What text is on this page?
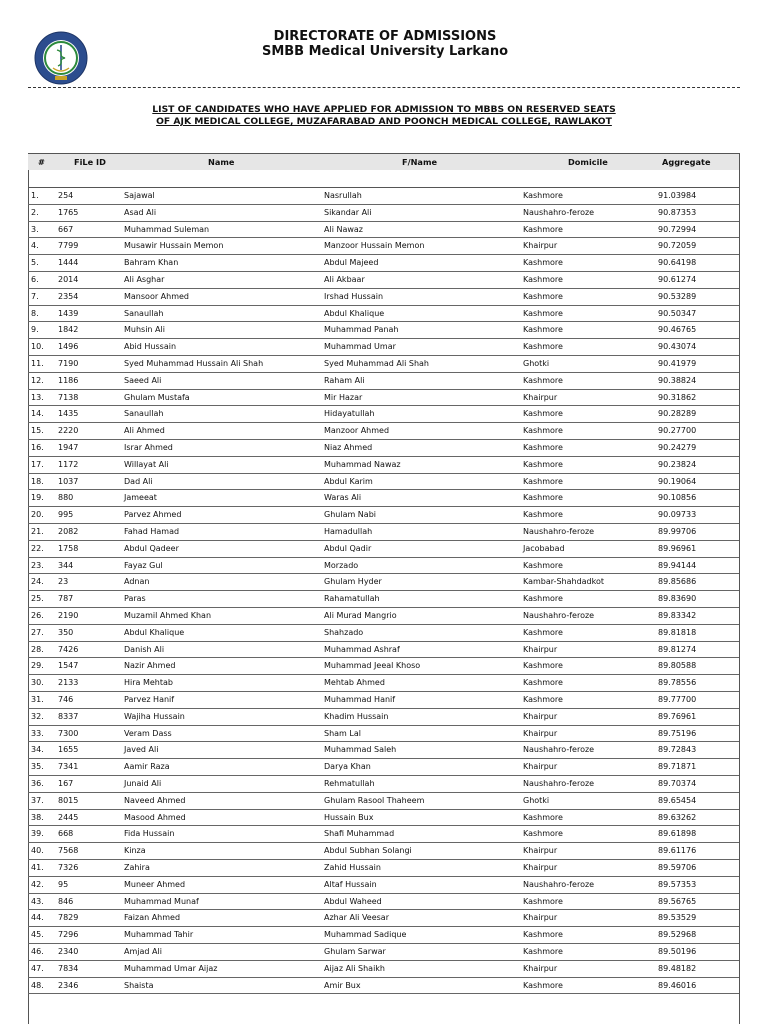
DIRECTORATE OF ADMISSIONS
SMBB Medical University Larkano
LIST OF CANDIDATES WHO HAVE APPLIED FOR ADMISSION TO MBBS ON RESERVED SEATS OF AJK MEDICAL COLLEGE, MUZAFARABAD AND POONCH MEDICAL COLLEGE, RAWLAKOT
#	FiLe ID	Name	F/Name	Domicile	Aggregate
1. 254	Sajawal	Nasrullah	Kashmore	91.03984
2. 1765	Asad Ali	Sikandar Ali	Naushahro-feroze	90.87353
3. 667	Muhammad Suleman	Ali Nawaz	Kashmore	90.72994
4. 7799	Musawir Hussain Memon	Manzoor Hussain Memon	Khairpur	90.72059
5. 1444	Bahram Khan	Abdul Majeed	Kashmore	90.64198
6. 2014	Ali Asghar	Ali Akbaar	Kashmore	90.61274
7. 2354	Mansoor Ahmed	Irshad Hussain	Kashmore	90.53289
8. 1439	Sanaullah	Abdul Khalique	Kashmore	90.50347
9. 1842	Muhsin Ali	Muhammad Panah	Kashmore	90.46765
10. 1496	Abid Hussain	Muhammad Umar	Kashmore	90.43074
11. 7190	Syed Muhammad Hussain Ali Shah	Syed Muhammad Ali Shah	Ghotki	90.41979
12. 1186	Saeed Ali	Raham Ali	Kashmore	90.38824
13. 7138	Ghulam Mustafa	Mir Hazar	Khairpur	90.31862
14. 1435	Sanaullah	Hidayatullah	Kashmore	90.28289
15. 2220	Ali Ahmed	Manzoor Ahmed	Kashmore	90.27700
16. 1947	Israr Ahmed	Niaz Ahmed	Kashmore	90.24279
17. 1172	Willayat Ali	Muhammad Nawaz	Kashmore	90.23824
18. 1037	Dad Ali	Abdul Karim	Kashmore	90.19064
19. 880	Jameeat	Waras Ali	Kashmore	90.10856
20. 995	Parvez Ahmed	Ghulam Nabi	Kashmore	90.09733
21. 2082	Fahad Hamad	Hamadullah	Naushahro-feroze	89.99706
22. 1758	Abdul Qadeer	Abdul Qadir	Jacobabad	89.96961
23. 344	Fayaz Gul	Morzado	Kashmore	89.94144
24. 23	Adnan	Ghulam Hyder	Kambar-Shahdadkot	89.85686
25. 787	Paras	Rahamatullah	Kashmore	89.83690
26. 2190	Muzamil Ahmed Khan	Ali Murad Mangrio	Naushahro-feroze	89.83342
27. 350	Abdul Khalique	Shahzado	Kashmore	89.81818
28. 7426	Danish Ali	Muhammad Ashraf	Khairpur	89.81274
29. 1547	Nazir Ahmed	Muhammad Jeeal Khoso	Kashmore	89.80588
30. 2133	Hira Mehtab	Mehtab Ahmed	Kashmore	89.78556
31. 746	Parvez Hanif	Muhammad Hanif	Kashmore	89.77700
32. 8337	Wajiha Hussain	Khadim Hussain	Khairpur	89.76961
33. 7300	Veram Dass	Sham Lal	Khairpur	89.75196
34. 1655	Javed Ali	Muhammad Saleh	Naushahro-feroze	89.72843
35. 7341	Aamir Raza	Darya Khan	Khairpur	89.71871
36. 167	Junaid Ali	Rehmatullah	Naushahro-feroze	89.70374
37. 8015	Naveed Ahmed	Ghulam Rasool Thaheem	Ghotki	89.65454
38. 2445	Masood Ahmed	Hussain Bux	Kashmore	89.63262
39. 668	Fida Hussain	Shafi Muhammad	Kashmore	89.61898
40. 7568	Kinza	Abdul Subhan Solangi	Khairpur	89.61176
41. 7326	Zahira	Zahid Hussain	Khairpur	89.59706
42. 95	Muneer Ahmed	Altaf Hussain	Naushahro-feroze	89.57353
43. 846	Muhammad Munaf	Abdul Waheed	Kashmore	89.56765
44. 7829	Faizan Ahmed	Azhar Ali Veesar	Khairpur	89.53529
45. 7296	Muhammad Tahir	Muhammad Sadique	Kashmore	89.52968
46. 2340	Amjad Ali	Ghulam Sarwar	Kashmore	89.50196
47. 7834	Muhammad Umar Aijaz	Aijaz Ali Shaikh	Khairpur	89.48182
48. 2346	Shaista	Amir Bux	Kashmore	89.46016
